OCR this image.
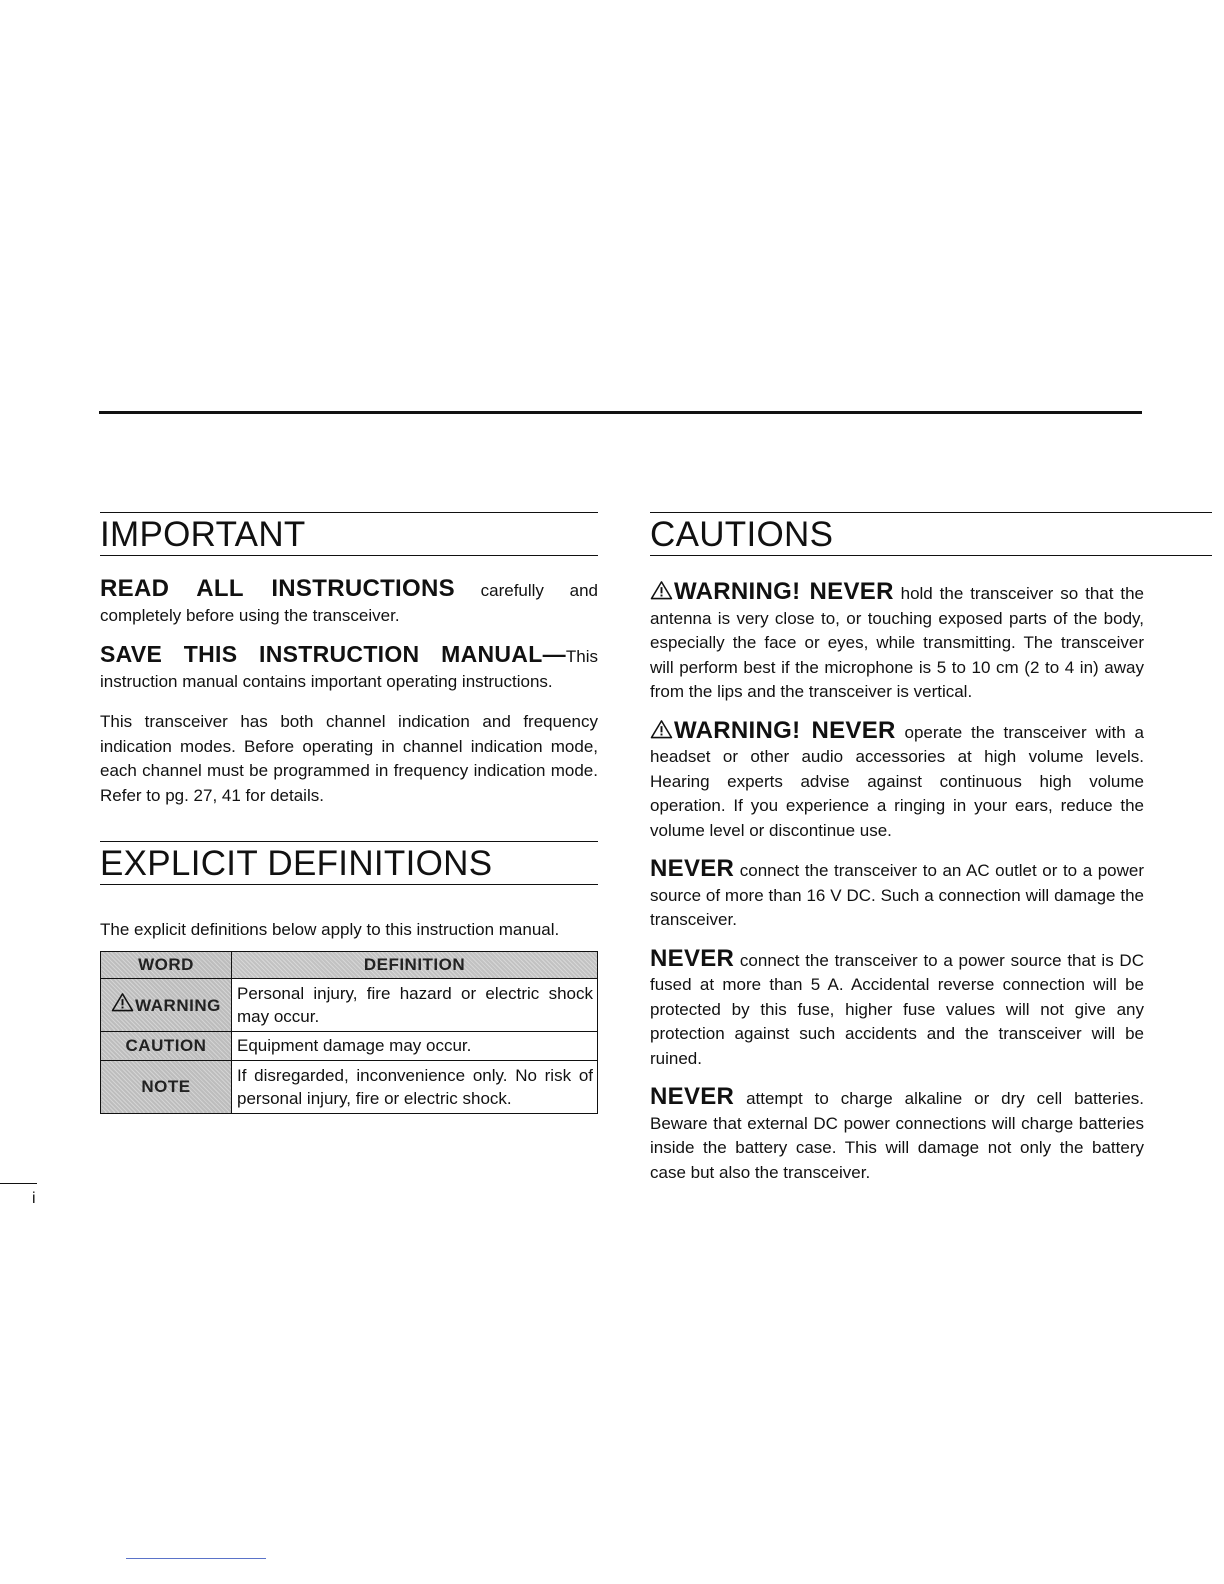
IMPORTANT

READ ALL INSTRUCTIONS carefully and completely before using the transceiver.

SAVE THIS INSTRUCTION MANUAL—This instruction manual contains important operating instructions.

This transceiver has both channel indication and frequency indication modes. Before operating in channel indication mode, each channel must be programmed in frequency indication mode. Refer to pg. 27, 41 for details.

EXPLICIT DEFINITIONS

The explicit definitions below apply to this instruction manual.

WORD	DEFINITION
WARNING	Personal injury, fire hazard or electric shock may occur.
CAUTION	Equipment damage may occur.
NOTE	If disregarded, inconvenience only. No risk of personal injury, fire or electric shock.
CAUTIONS

WARNING! NEVER hold the transceiver so that the antenna is very close to, or touching exposed parts of the body, especially the face or eyes, while transmitting. The transceiver will perform best if the microphone is 5 to 10 cm (2 to 4 in) away from the lips and the transceiver is vertical.

WARNING! NEVER operate the transceiver with a headset or other audio accessories at high volume levels. Hearing experts advise against continuous high volume operation. If you experience a ringing in your ears, reduce the volume level or discontinue use.

NEVER connect the transceiver to an AC outlet or to a power source of more than 16 V DC. Such a connection will damage the transceiver.

NEVER connect the transceiver to a power source that is DC fused at more than 5 A. Accidental reverse connection will be protected by this fuse, higher fuse values will not give any protection against such accidents and the transceiver will be ruined.

NEVER attempt to charge alkaline or dry cell batteries. Beware that external DC power connections will charge batteries inside the battery case. This will damage not only the battery case but also the transceiver.

i
